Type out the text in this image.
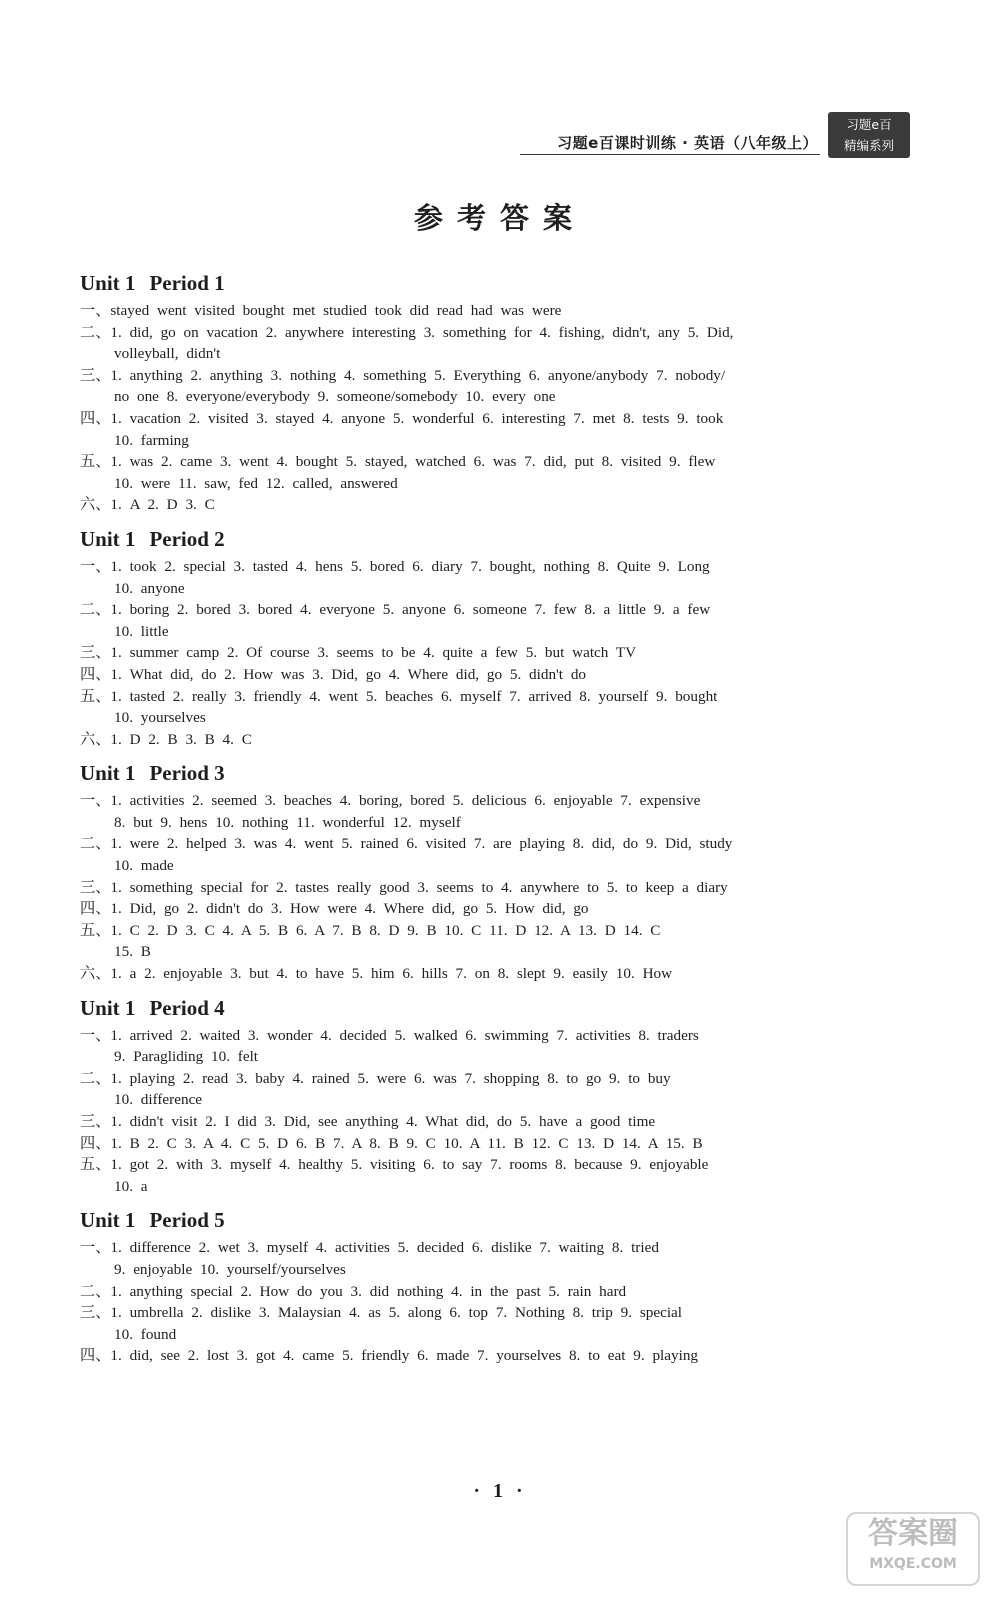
习题e百课时训练 · 英语（八年级上）
习题e百
精编系列
参考答案
Unit 1 Period 1
一、stayed went visited bought met studied took did read had was were
二、1. did, go on vacation 2. anywhere interesting 3. something for 4. fishing, didn't, any 5. Did,
volleyball, didn't
三、1. anything 2. anything 3. nothing 4. something 5. Everything 6. anyone/anybody 7. nobody/
no one 8. everyone/everybody 9. someone/somebody 10. every one
四、1. vacation 2. visited 3. stayed 4. anyone 5. wonderful 6. interesting 7. met 8. tests 9. took
10. farming
五、1. was 2. came 3. went 4. bought 5. stayed, watched 6. was 7. did, put 8. visited 9. flew
10. were 11. saw, fed 12. called, answered
六、1. A 2. D 3. C
Unit 1 Period 2
一、1. took 2. special 3. tasted 4. hens 5. bored 6. diary 7. bought, nothing 8. Quite 9. Long
10. anyone
二、1. boring 2. bored 3. bored 4. everyone 5. anyone 6. someone 7. few 8. a little 9. a few
10. little
三、1. summer camp 2. Of course 3. seems to be 4. quite a few 5. but watch TV
四、1. What did, do 2. How was 3. Did, go 4. Where did, go 5. didn't do
五、1. tasted 2. really 3. friendly 4. went 5. beaches 6. myself 7. arrived 8. yourself 9. bought
10. yourselves
六、1. D 2. B 3. B 4. C
Unit 1 Period 3
一、1. activities 2. seemed 3. beaches 4. boring, bored 5. delicious 6. enjoyable 7. expensive
8. but 9. hens 10. nothing 11. wonderful 12. myself
二、1. were 2. helped 3. was 4. went 5. rained 6. visited 7. are playing 8. did, do 9. Did, study
10. made
三、1. something special for 2. tastes really good 3. seems to 4. anywhere to 5. to keep a diary
四、1. Did, go 2. didn't do 3. How were 4. Where did, go 5. How did, go
五、1. C 2. D 3. C 4. A 5. B 6. A 7. B 8. D 9. B 10. C 11. D 12. A 13. D 14. C
15. B
六、1. a 2. enjoyable 3. but 4. to have 5. him 6. hills 7. on 8. slept 9. easily 10. How
Unit 1 Period 4
一、1. arrived 2. waited 3. wonder 4. decided 5. walked 6. swimming 7. activities 8. traders
9. Paragliding 10. felt
二、1. playing 2. read 3. baby 4. rained 5. were 6. was 7. shopping 8. to go 9. to buy
10. difference
三、1. didn't visit 2. I did 3. Did, see anything 4. What did, do 5. have a good time
四、1. B 2. C 3. A 4. C 5. D 6. B 7. A 8. B 9. C 10. A 11. B 12. C 13. D 14. A 15. B
五、1. got 2. with 3. myself 4. healthy 5. visiting 6. to say 7. rooms 8. because 9. enjoyable
10. a
Unit 1 Period 5
一、1. difference 2. wet 3. myself 4. activities 5. decided 6. dislike 7. waiting 8. tried
9. enjoyable 10. yourself/yourselves
二、1. anything special 2. How do you 3. did nothing 4. in the past 5. rain hard
三、1. umbrella 2. dislike 3. Malaysian 4. as 5. along 6. top 7. Nothing 8. trip 9. special
10. found
四、1. did, see 2. lost 3. got 4. came 5. friendly 6. made 7. yourselves 8. to eat 9. playing
· 1 ·
答案圈
MXQE.COM
